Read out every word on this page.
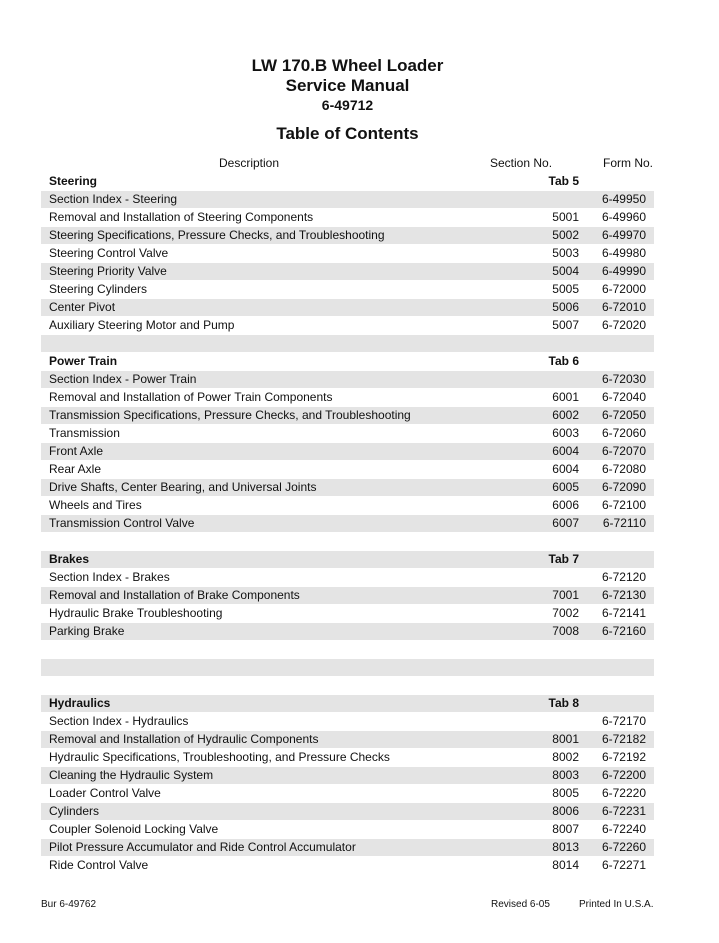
LW 170.B Wheel Loader
Service Manual
6-49712
Table of Contents
Description	Section No.	Form No.
Steering	Tab 5	
Section Index - Steering		6-49950
Removal and Installation of Steering Components	5001	6-49960
Steering Specifications, Pressure Checks, and Troubleshooting	5002	6-49970
Steering Control Valve	5003	6-49980
Steering Priority Valve	5004	6-49990
Steering Cylinders	5005	6-72000
Center Pivot	5006	6-72010
Auxiliary Steering Motor and Pump	5007	6-72020

Power Train	Tab 6	
Section Index - Power Train		6-72030
Removal and Installation of Power Train Components	6001	6-72040
Transmission Specifications, Pressure Checks, and Troubleshooting	6002	6-72050
Transmission	6003	6-72060
Front Axle	6004	6-72070
Rear Axle	6004	6-72080
Drive Shafts, Center Bearing, and Universal Joints	6005	6-72090
Wheels and Tires	6006	6-72100
Transmission Control Valve	6007	6-72110

Brakes	Tab 7	
Section Index - Brakes		6-72120
Removal and Installation of Brake Components	7001	6-72130
Hydraulic Brake Troubleshooting	7002	6-72141
Parking Brake	7008	6-72160

Hydraulics	Tab 8	
Section Index - Hydraulics		6-72170
Removal and Installation of Hydraulic Components	8001	6-72182
Hydraulic Specifications, Troubleshooting, and Pressure Checks	8002	6-72192
Cleaning the Hydraulic System	8003	6-72200
Loader Control Valve	8005	6-72220
Cylinders	8006	6-72231
Coupler Solenoid Locking Valve	8007	6-72240
Pilot Pressure Accumulator and Ride Control Accumulator	8013	6-72260
Ride Control Valve	8014	6-72271
Bur 6-49762	Revised 6-05	Printed In U.S.A.
